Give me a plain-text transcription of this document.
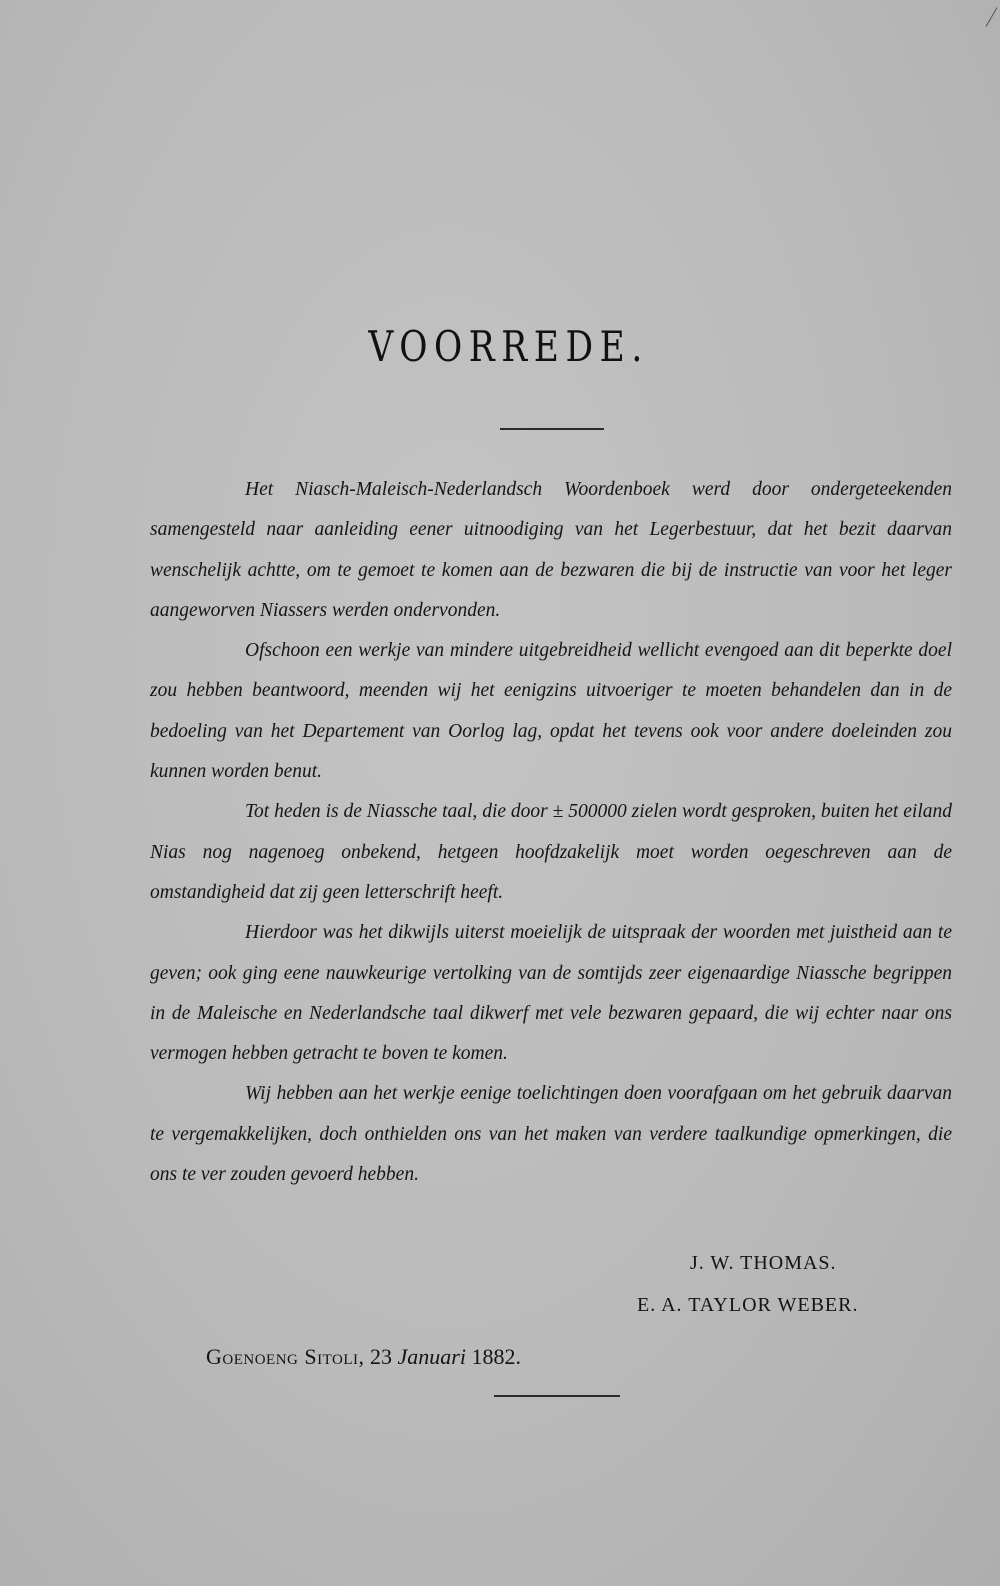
VOORREDE.

Het Niasch-Maleisch-Nederlandsch Woordenboek werd door ondergeteekenden samengesteld naar aanleiding eener uitnoodiging van het Legerbestuur, dat het bezit daarvan wenschelijk achtte, om te gemoet te komen aan de bezwaren die bij de instructie van voor het leger aangeworven Niassers werden ondervonden.

Ofschoon een werkje van mindere uitgebreidheid wellicht evengoed aan dit beperkte doel zou hebben beantwoord, meenden wij het eenigzins uitvoeriger te moeten behandelen dan in de bedoeling van het Departement van Oorlog lag, opdat het tevens ook voor andere doeleinden zou kunnen worden benut.

Tot heden is de Niassche taal, die door ± 500000 zielen wordt gesproken, buiten het eiland Nias nog nagenoeg onbekend, hetgeen hoofdzakelijk moet worden oegeschreven aan de omstandigheid dat zij geen letterschrift heeft.

Hierdoor was het dikwijls uiterst moeielijk de uitspraak der woorden met juistheid aan te geven; ook ging eene nauwkeurige vertolking van de somtijds zeer eigenaardige Niassche begrippen in de Maleische en Nederlandsche taal dikwerf met vele bezwaren gepaard, die wij echter naar ons vermogen hebben getracht te boven te komen.

Wij hebben aan het werkje eenige toelichtingen doen voorafgaan om het gebruik daarvan te vergemakkelijken, doch onthielden ons van het maken van verdere taalkundige opmerkingen, die ons te ver zouden gevoerd hebben.

J. W. THOMAS.
E. A. TAYLOR WEBER.
Goenoeng Sitoli, 23 Januari 1882.
